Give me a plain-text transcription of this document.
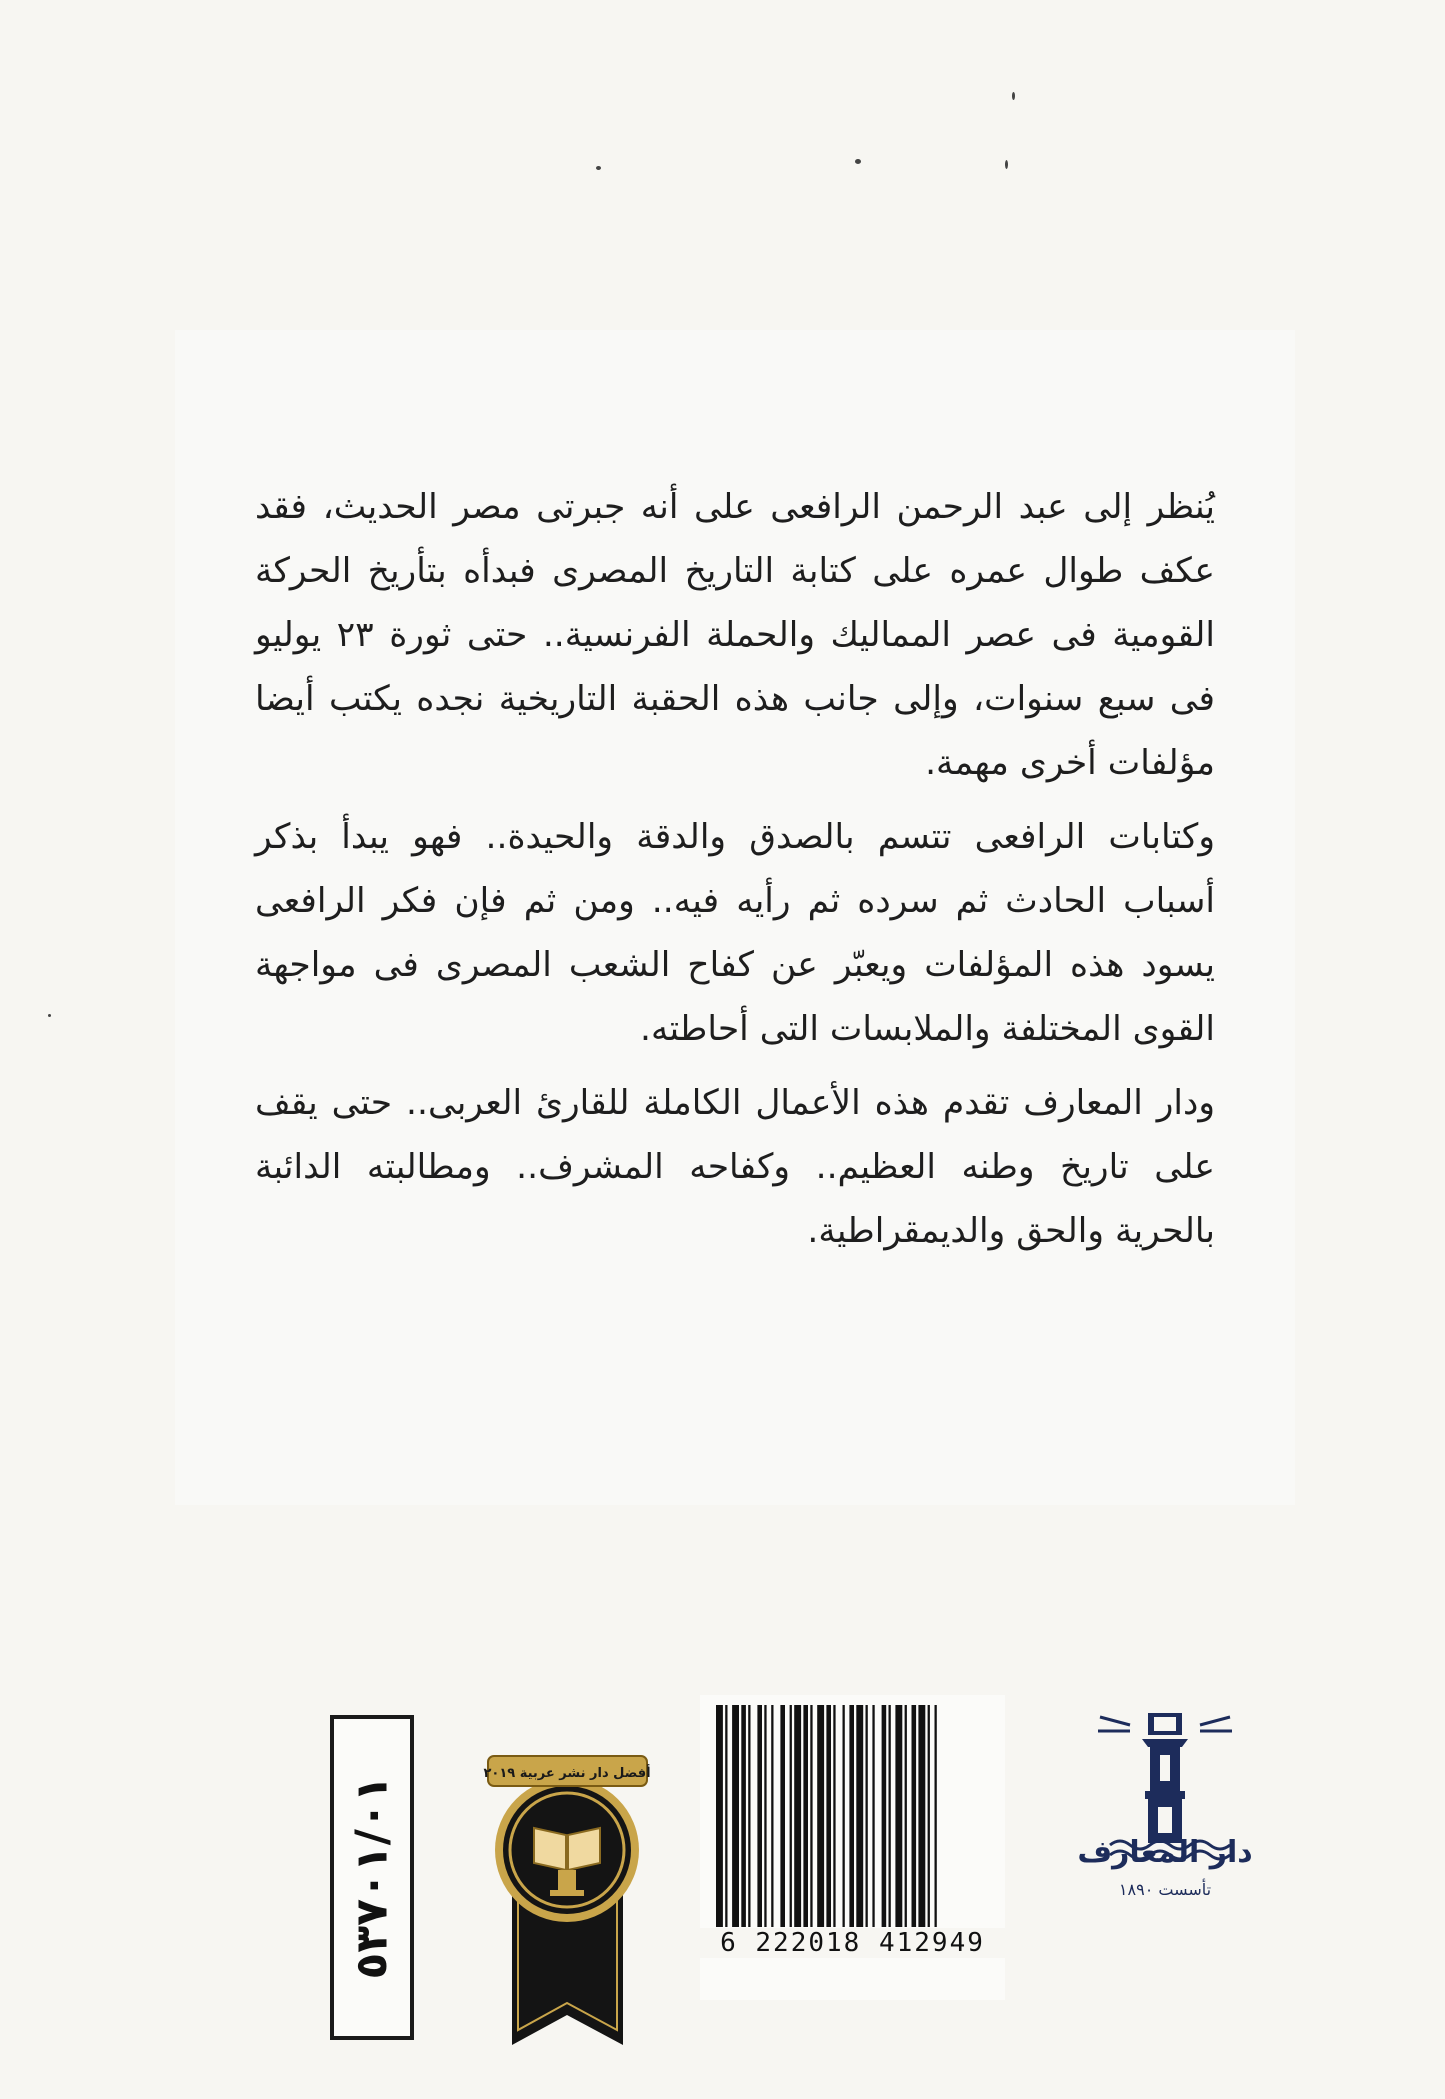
يُنظر إلى عبد الرحمن الرافعى على أنه جبرتى مصر الحديث، فقد عكف طوال عمره على كتابة التاريخ المصرى فبدأه بتأريخ الحركة القومية فى عصر المماليك والحملة الفرنسية.. حتى ثورة ٢٣ يوليو فى سبع سنوات، وإلى جانب هذه الحقبة التاريخية نجده يكتب أيضا مؤلفات أخرى مهمة.

وكتابات الرافعى تتسم بالصدق والدقة والحيدة.. فهو يبدأ بذكر أسباب الحادث ثم سرده ثم رأيه فيه.. ومن ثم فإن فكر الرافعى يسود هذه المؤلفات ويعبّر عن كفاح الشعب المصرى فى مواجهة القوى المختلفة والملابسات التى أحاطته.

ودار المعارف تقدم هذه الأعمال الكاملة للقارئ العربى.. حتى يقف على تاريخ وطنه العظيم.. وكفاحه المشرف.. ومطالبته الدائبة بالحرية والحق والديمقراطية.

٥٣٧٠١/٠١
أفضل دار نشر عربية ٢٠١٩
6 222018 412949
دار المعارف
تأسست ١٨٩٠
